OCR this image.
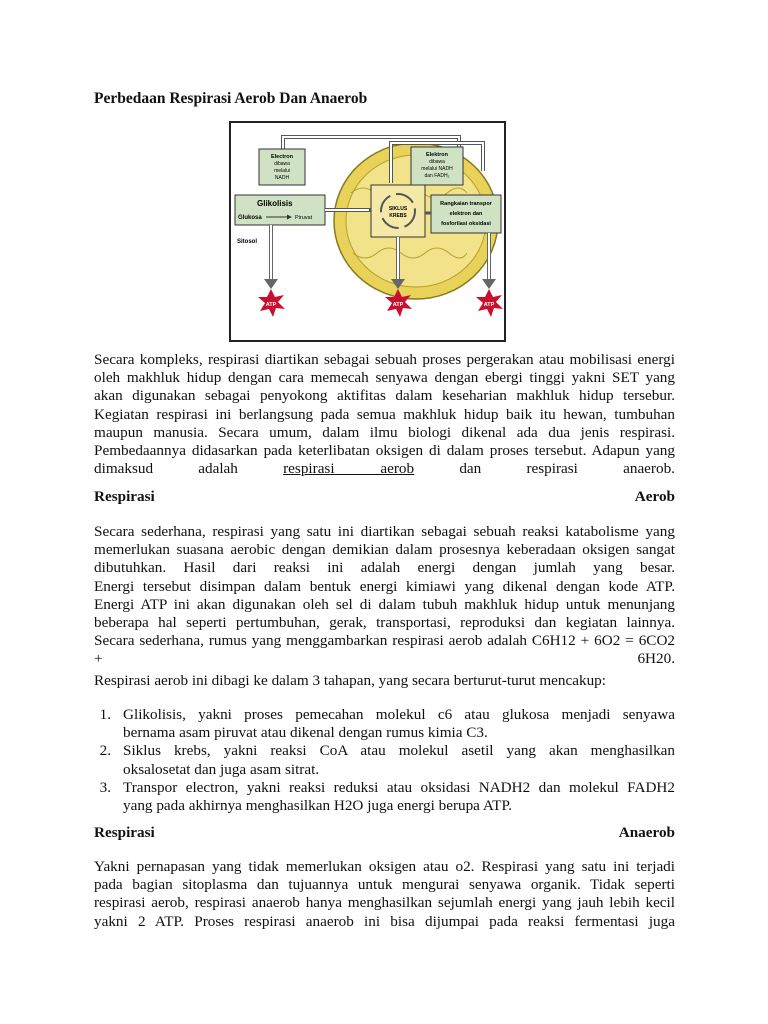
Perbedaan Respirasi Aerob Dan Anaerob
Electron
dibawa
melalui
NADH
Elektron
dibawa
melalui NADH
dan FADH₂
Glikolisis
Glukosa	Piruvat
SIKLUS
KREBS
Rangkaian transpor
elektron dan
fosforilasi oksidasi
Sitosol
ATP	ATP	ATP
Secara kompleks, respirasi diartikan sebagai sebuah proses pergerakan atau mobilisasi energi
oleh makhluk hidup dengan cara memecah senyawa dengan ebergi tinggi yakni SET yang
akan digunakan sebagai penyokong aktifitas dalam keseharian makhluk hidup tersebur.
Kegiatan respirasi ini berlangsung pada semua makhluk hidup baik itu hewan, tumbuhan
maupun manusia. Secara umum, dalam ilmu biologi dikenal ada dua jenis respirasi.
Pembedaannya didasarkan pada keterlibatan oksigen di dalam proses tersebut. Adapun yang
dimaksud	adalah	respirasi aerob	dan	respirasi	anaerob.
Respirasi	Aerob
Secara sederhana, respirasi yang satu ini diartikan sebagai sebuah reaksi katabolisme yang
memerlukan suasana aerobic dengan demikian dalam prosesnya keberadaan oksigen sangat
dibutuhkan. Hasil dari reaksi ini adalah energi dengan jumlah yang besar.
Energi tersebut disimpan dalam bentuk energi kimiawi yang dikenal dengan kode ATP.
Energi ATP ini akan digunakan oleh sel di dalam tubuh makhluk hidup untuk menunjang
beberapa hal seperti pertumbuhan, gerak, transportasi, reproduksi dan kegiatan lainnya.
Secara sederhana, rumus yang menggambarkan respirasi aerob adalah C6H12 + 6O2 = 6CO2
+	6H20.
Respirasi aerob ini dibagi ke dalam 3 tahapan, yang secara berturut-turut mencakup:
1. Glikolisis, yakni proses pemecahan molekul c6 atau glukosa menjadi senyawa
bernama asam piruvat atau dikenal dengan rumus kimia C3.
2. Siklus krebs, yakni reaksi CoA atau molekul asetil yang akan menghasilkan
oksalosetat dan juga asam sitrat.
3. Transpor electron, yakni reaksi reduksi atau oksidasi NADH2 dan molekul FADH2
yang pada akhirnya menghasilkan H2O juga energi berupa ATP.
Respirasi	Anaerob
Yakni pernapasan yang tidak memerlukan oksigen atau o2. Respirasi yang satu ini terjadi
pada bagian sitoplasma dan tujuannya untuk mengurai senyawa organik. Tidak seperti
respirasi aerob, respirasi anaerob hanya menghasilkan sejumlah energi yang jauh lebih kecil
yakni 2 ATP. Proses respirasi anaerob ini bisa dijumpai pada reaksi fermentasi juga
